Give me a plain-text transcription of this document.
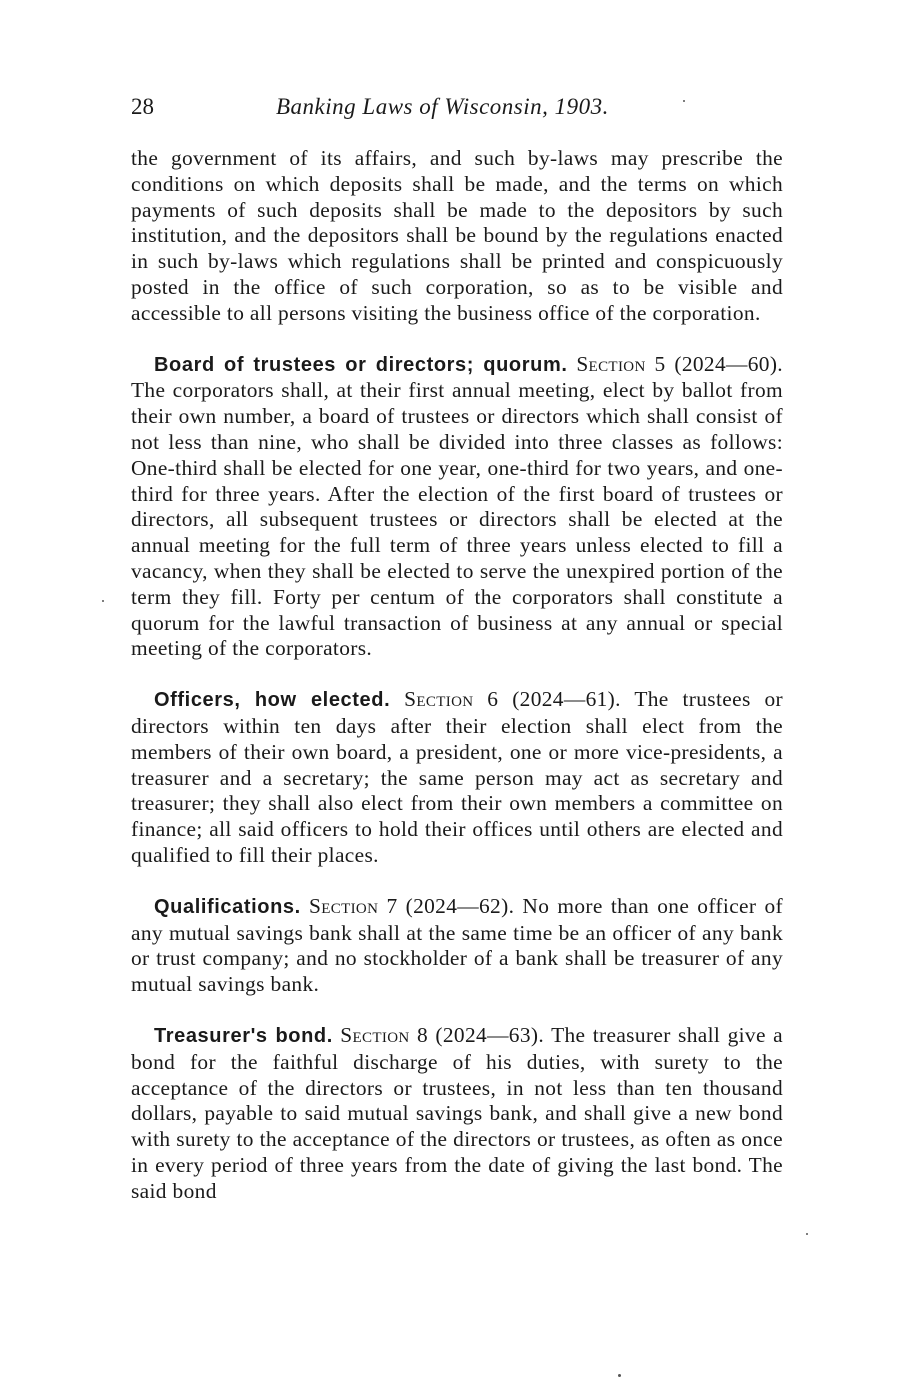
28	Banking Laws of Wisconsin, 1903.

the government of its affairs, and such by-laws may prescribe the conditions on which deposits shall be made, and the terms on which payments of such deposits shall be made to the depositors by such institution, and the depositors shall be bound by the regulations enacted in such by-laws which regulations shall be printed and conspicuously posted in the office of such corporation, so as to be visible and accessible to all persons visiting the business office of the corporation.

Board of trustees or directors; quorum. Section 5 (2024—60). The corporators shall, at their first annual meeting, elect by ballot from their own number, a board of trustees or directors which shall consist of not less than nine, who shall be divided into three classes as follows: One-third shall be elected for one year, one-third for two years, and one-third for three years. After the election of the first board of trustees or directors, all subsequent trustees or directors shall be elected at the annual meeting for the full term of three years unless elected to fill a vacancy, when they shall be elected to serve the unexpired portion of the term they fill. Forty per centum of the corporators shall constitute a quorum for the lawful transaction of business at any annual or special meeting of the corporators.

Officers, how elected. Section 6 (2024—61). The trustees or directors within ten days after their election shall elect from the members of their own board, a president, one or more vice-presidents, a treasurer and a secretary; the same person may act as secretary and treasurer; they shall also elect from their own members a committee on finance; all said officers to hold their offices until others are elected and qualified to fill their places.

Qualifications. Section 7 (2024—62). No more than one officer of any mutual savings bank shall at the same time be an officer of any bank or trust company; and no stockholder of a bank shall be treasurer of any mutual savings bank.

Treasurer's bond. Section 8 (2024—63). The treasurer shall give a bond for the faithful discharge of his duties, with surety to the acceptance of the directors or trustees, in not less than ten thousand dollars, payable to said mutual savings bank, and shall give a new bond with surety to the acceptance of the directors or trustees, as often as once in every period of three years from the date of giving the last bond. The said bond
